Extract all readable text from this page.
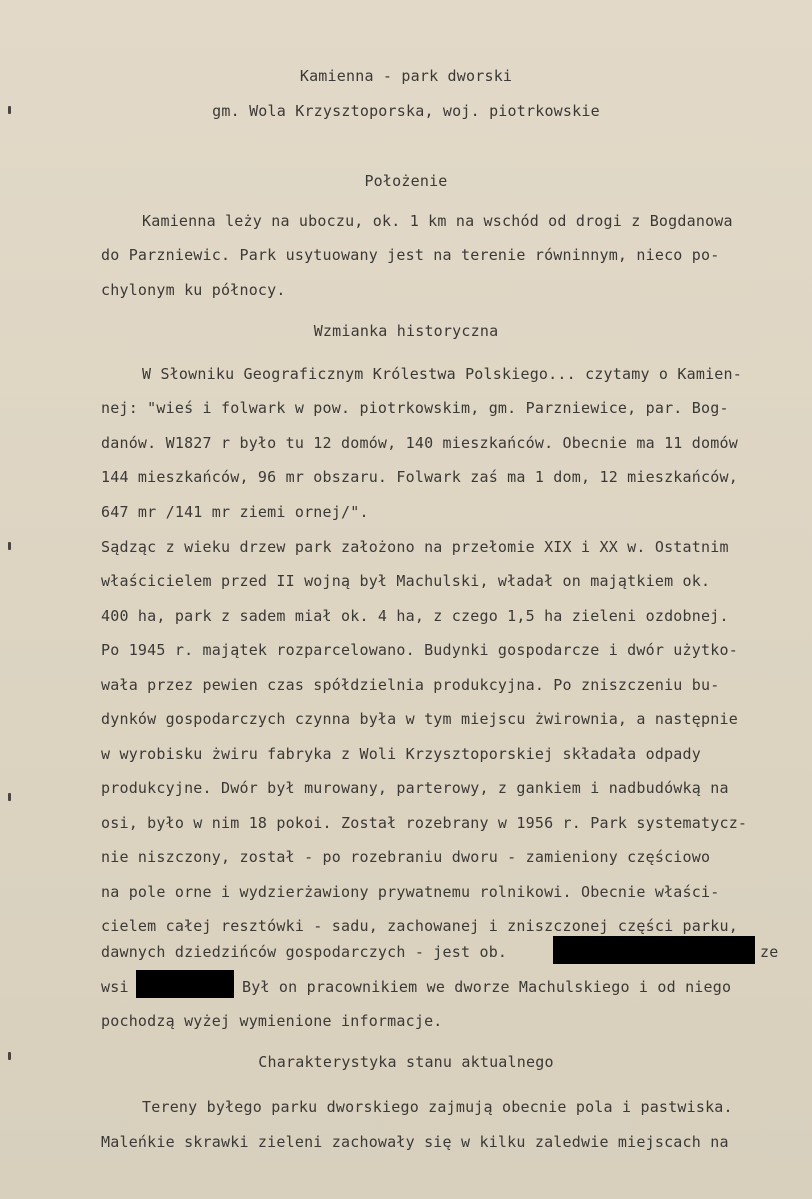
Kamienna - park dworski
gm. Wola Krzysztoporska, woj. piotrkowskie
Położenie
Kamienna leży na uboczu, ok. 1 km na wschód od drogi z Bogdanowa
do Parzniewic. Park usytuowany jest na terenie równinnym, nieco po-
chylonym ku północy.
Wzmianka historyczna
W Słowniku Geograficznym Królestwa Polskiego... czytamy o Kamien-
nej: "wieś i folwark w pow. piotrkowskim, gm. Parzniewice, par. Bog-
danów. W1827 r było tu 12 domów, 140 mieszkańców. Obecnie ma 11 domów
144 mieszkańców, 96 mr obszaru. Folwark zaś ma 1 dom, 12 mieszkańców,
647 mr /141 mr ziemi ornej/".
Sądząc z wieku drzew park założono na przełomie XIX i XX w. Ostatnim
właścicielem przed II wojną był Machulski, władał on majątkiem ok.
400 ha, park z sadem miał ok. 4 ha, z czego 1,5 ha zieleni ozdobnej.
Po 1945 r. majątek rozparcelowano. Budynki gospodarcze i dwór użytko-
wała przez pewien czas spółdzielnia produkcyjna. Po zniszczeniu bu-
dynków gospodarczych czynna była w tym miejscu żwirownia, a następnie
w wyrobisku żwiru fabryka z Woli Krzysztoporskiej składała odpady
produkcyjne. Dwór był murowany, parterowy, z gankiem i nadbudówką na
osi, było w nim 18 pokoi. Został rozebrany w 1956 r. Park systematycz-
nie niszczony, został - po rozebraniu dworu - zamieniony częściowo
na pole orne i wydzierżawiony prywatnemu rolnikowi. Obecnie właści-
cielem całej resztówki - sadu, zachowanej i zniszczonej części parku,
dawnych dziedzińców gospodarczych - jest ob.	ze
wsi	Był on pracownikiem we dworze Machulskiego i od niego
pochodzą wyżej wymienione informacje.
Charakterystyka stanu aktualnego
Tereny byłego parku dworskiego zajmują obecnie pola i pastwiska.
Maleńkie skrawki zieleni zachowały się w kilku zaledwie miejscach na
